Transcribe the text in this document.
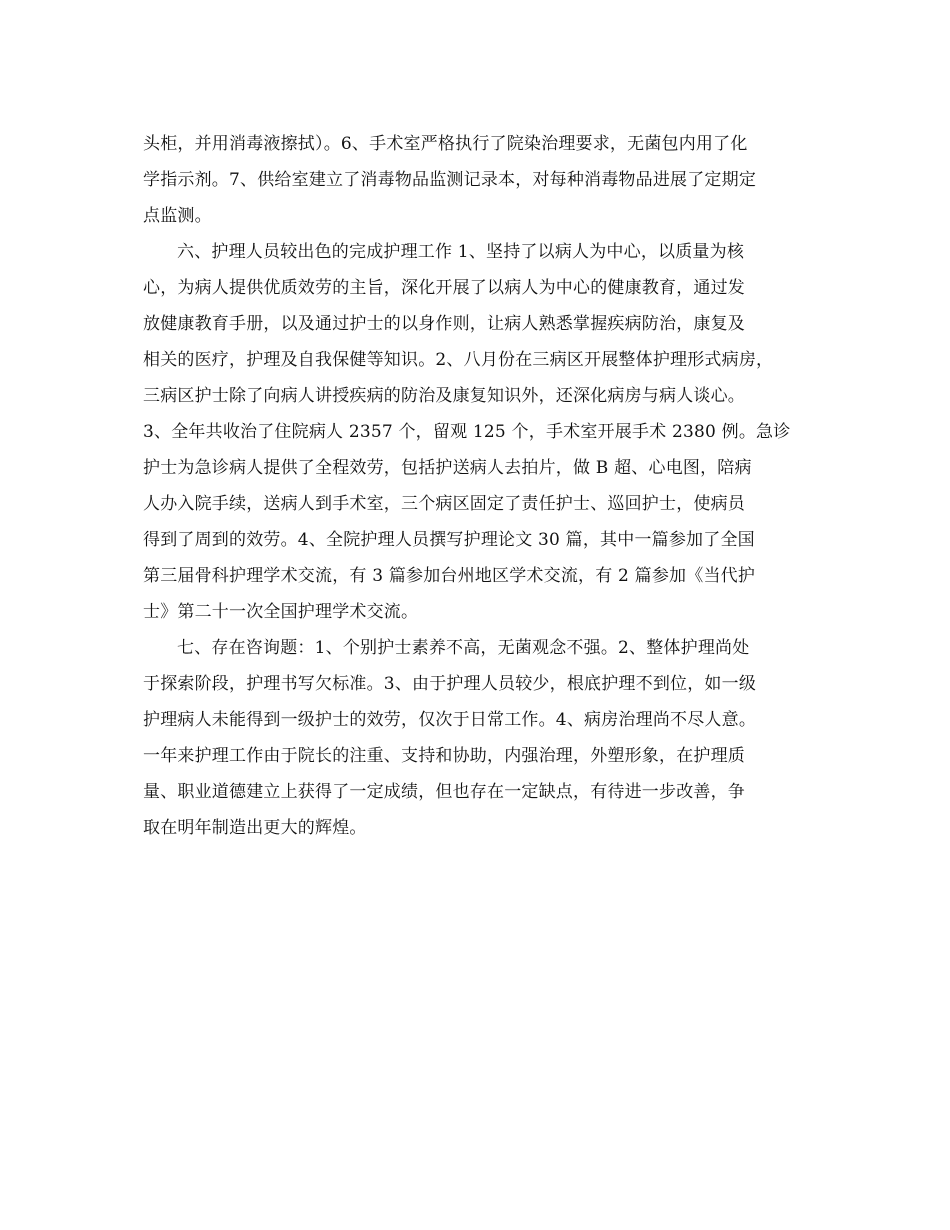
头柜，并用消毒液擦拭）。6、手术室严格执行了院染治理要求，无菌包内用了化
学指示剂。7、供给室建立了消毒物品监测记录本，对每种消毒物品进展了定期定
点监测。
六、护理人员较出色的完成护理工作 1、坚持了以病人为中心，以质量为核
心，为病人提供优质效劳的主旨，深化开展了以病人为中心的健康教育，通过发
放健康教育手册，以及通过护士的以身作则，让病人熟悉掌握疾病防治，康复及
相关的医疗，护理及自我保健等知识。2、八月份在三病区开展整体护理形式病房，
三病区护士除了向病人讲授疾病的防治及康复知识外，还深化病房与病人谈心。
3、全年共收治了住院病人 2357 个，留观 125 个，手术室开展手术 2380 例。急诊
护士为急诊病人提供了全程效劳，包括护送病人去拍片，做 B 超、心电图，陪病
人办入院手续，送病人到手术室，三个病区固定了责任护士、巡回护士，使病员
得到了周到的效劳。4、全院护理人员撰写护理论文 30 篇，其中一篇参加了全国
第三届骨科护理学术交流，有 3 篇参加台州地区学术交流，有 2 篇参加《当代护
士》第二十一次全国护理学术交流。
七、存在咨询题：1、个别护士素养不高，无菌观念不强。2、整体护理尚处
于探索阶段，护理书写欠标准。3、由于护理人员较少，根底护理不到位，如一级
护理病人未能得到一级护士的效劳，仅次于日常工作。4、病房治理尚不尽人意。
一年来护理工作由于院长的注重、支持和协助，内强治理，外塑形象，在护理质
量、职业道德建立上获得了一定成绩，但也存在一定缺点，有待进一步改善，争
取在明年制造出更大的辉煌。
